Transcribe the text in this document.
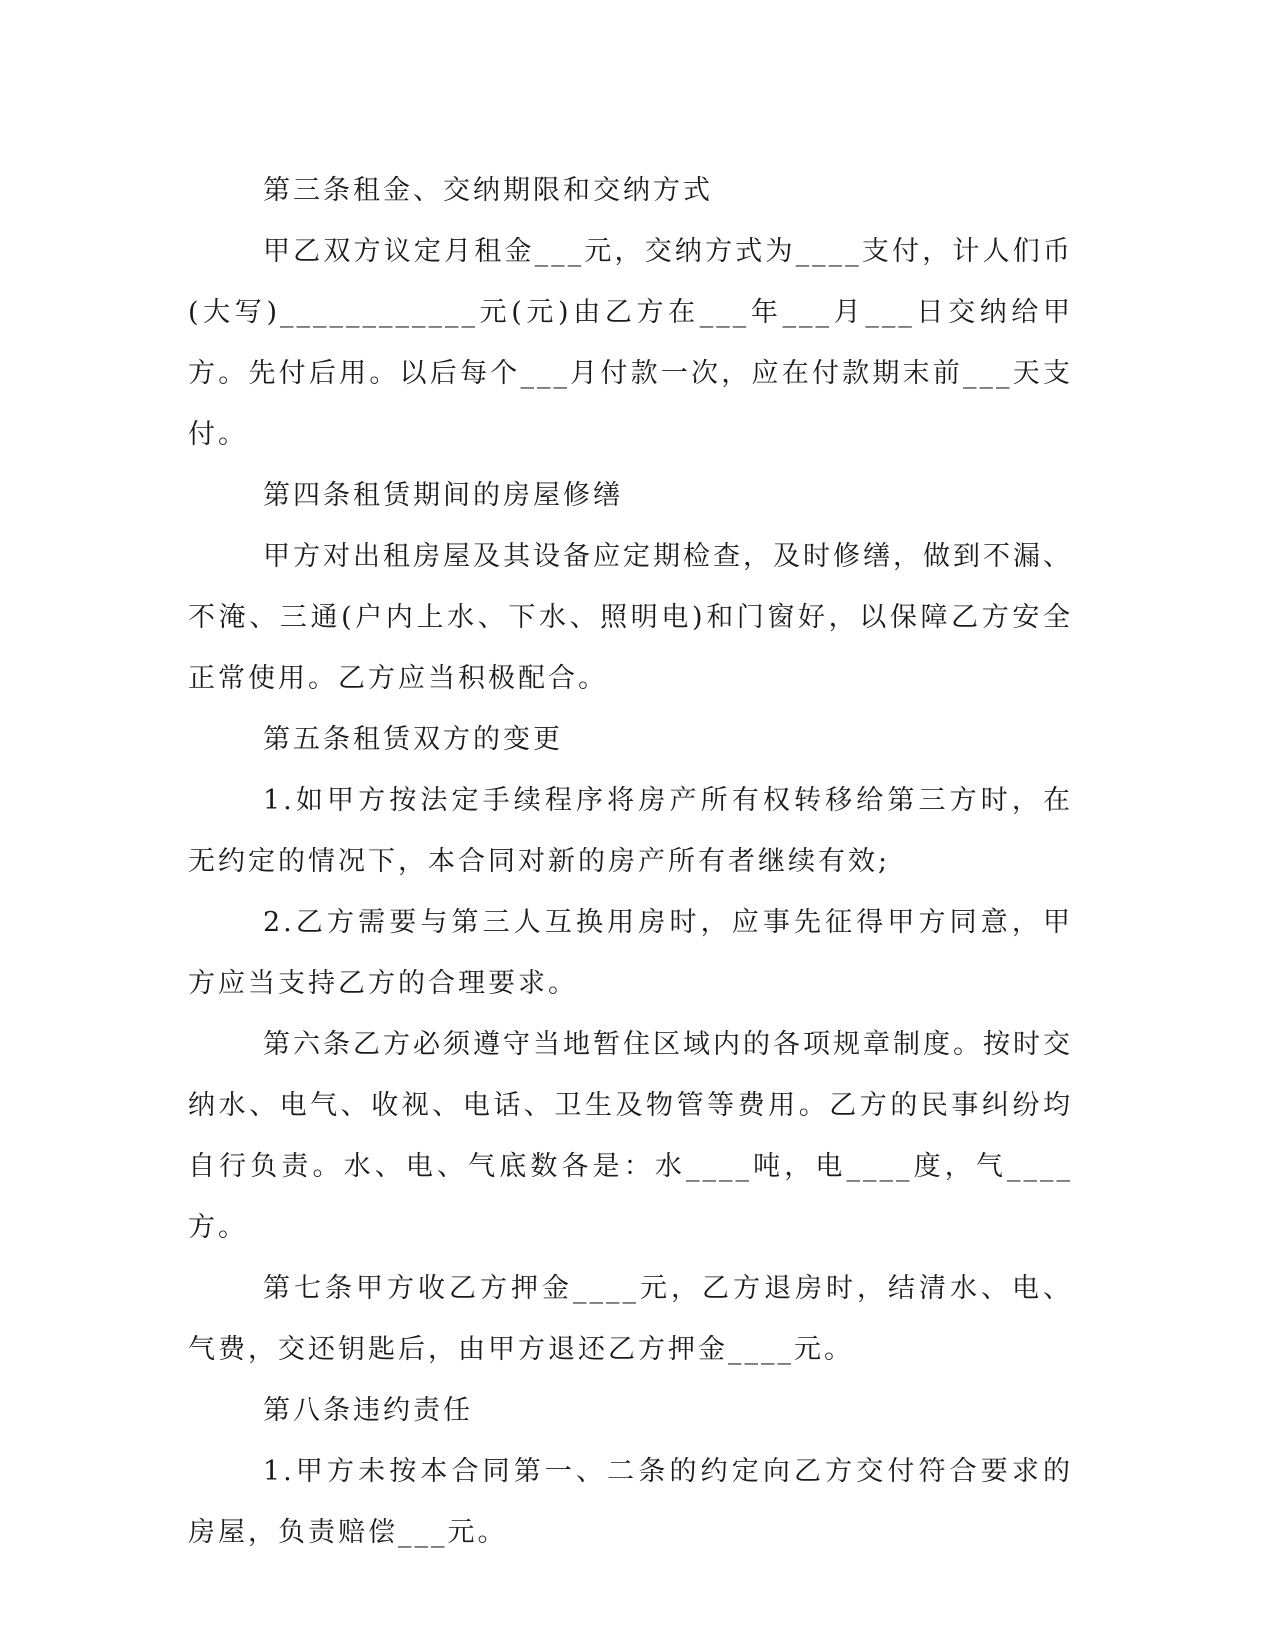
第三条租金、交纳期限和交纳方式

甲乙双方议定月租金___元，交纳方式为____支付，计人们币(大写)____________元(元)由乙方在___年___月___日交纳给甲方。先付后用。以后每个___月付款一次，应在付款期末前___天支付。

第四条租赁期间的房屋修缮

甲方对出租房屋及其设备应定期检查，及时修缮，做到不漏、不淹、三通(户内上水、下水、照明电)和门窗好，以保障乙方安全正常使用。乙方应当积极配合。

第五条租赁双方的变更

1.如甲方按法定手续程序将房产所有权转移给第三方时，在无约定的情况下，本合同对新的房产所有者继续有效;

2.乙方需要与第三人互换用房时，应事先征得甲方同意，甲方应当支持乙方的合理要求。

第六条乙方必须遵守当地暂住区域内的各项规章制度。按时交纳水、电气、收视、电话、卫生及物管等费用。乙方的民事纠纷均自行负责。水、电、气底数各是：水____吨，电____度，气____方。

第七条甲方收乙方押金____元，乙方退房时，结清水、电、气费，交还钥匙后，由甲方退还乙方押金____元。

第八条违约责任

1.甲方未按本合同第一、二条的约定向乙方交付符合要求的房屋，负责赔偿___元。
